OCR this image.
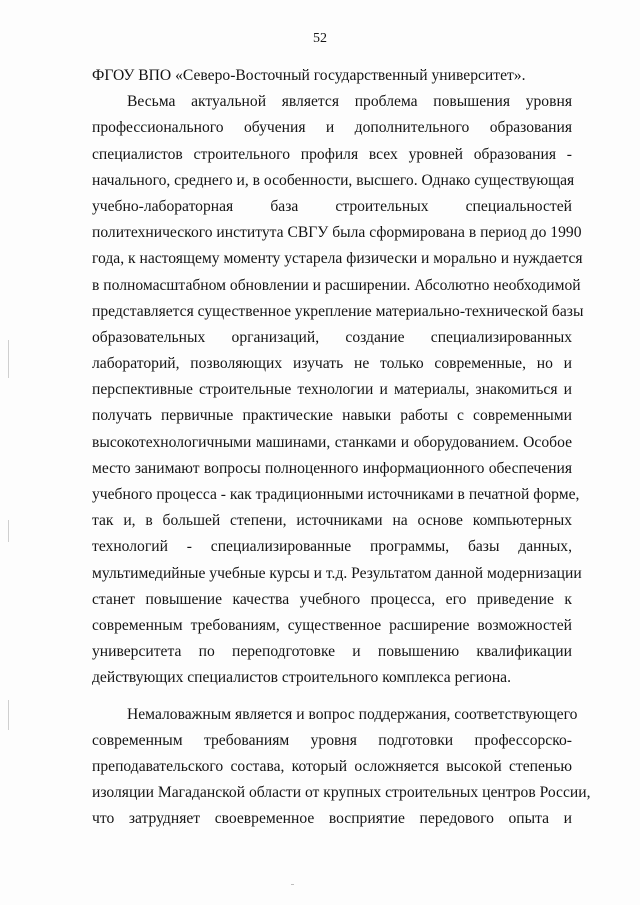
52
ФГОУ ВПО «Северо-Восточный государственный университет».
Весьма актуальной является проблема повышения уровня
профессионального обучения и дополнительного образования
специалистов строительного профиля всех уровней образования -
начального, среднего и, в особенности, высшего. Однако существующая
учебно-лабораторная база строительных специальностей
политехнического института СВГУ была сформирована в период до 1990
года, к настоящему моменту устарела физически и морально и нуждается
в полномасштабном обновлении и расширении. Абсолютно необходимой
представляется существенное укрепление материально-технической базы
образовательных организаций, создание специализированных
лабораторий, позволяющих изучать не только современные, но и
перспективные строительные технологии и материалы, знакомиться и
получать первичные практические навыки работы с современными
высокотехнологичными машинами, станками и оборудованием. Особое
место занимают вопросы полноценного информационного обеспечения
учебного процесса - как традиционными источниками в печатной форме,
так и, в большей степени, источниками на основе компьютерных
технологий - специализированные программы, базы данных,
мультимедийные учебные курсы и т.д. Результатом данной модернизации
станет повышение качества учебного процесса, его приведение к
современным требованиям, существенное расширение возможностей
университета по переподготовке и повышению квалификации
действующих специалистов строительного комплекса региона.
Немаловажным является и вопрос поддержания, соответствующего
современным требованиям уровня подготовки профессорско-
преподавательского состава, который осложняется высокой степенью
изоляции Магаданской области от крупных строительных центров России,
что затрудняет своевременное восприятие передового опыта и
